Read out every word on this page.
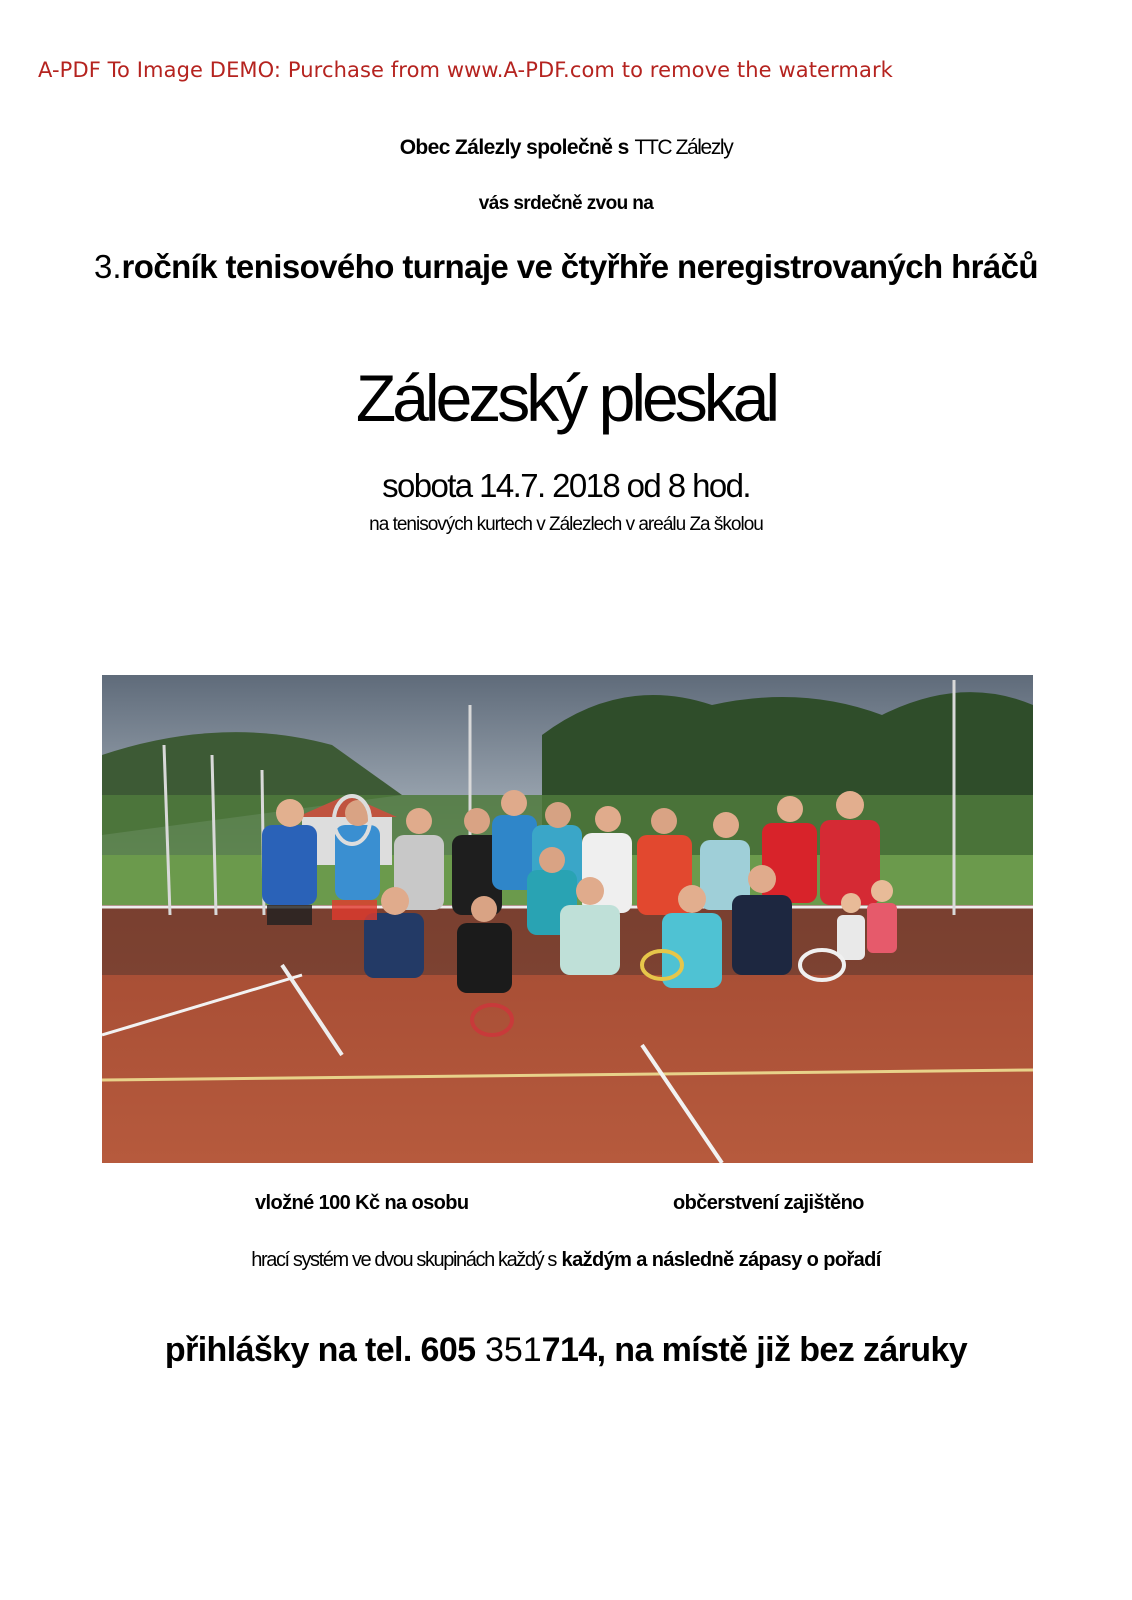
A-PDF To Image DEMO: Purchase from www.A-PDF.com to remove the watermark
Obec Zálezly společně s TTC Zálezly
vás srdečně zvou na
3.ročník tenisového turnaje ve čtyřhře neregistrovaných hráčů
Zálezský pleskal
sobota 14.7. 2018 od 8 hod.
na tenisových kurtech v Zálezlech v areálu Za školou
vložné 100 Kč na osobu	občerstvení zajištěno
hrací systém ve dvou skupinách každý s každým a následně zápasy o pořadí
přihlášky na tel. 605 351714, na místě již bez záruky
